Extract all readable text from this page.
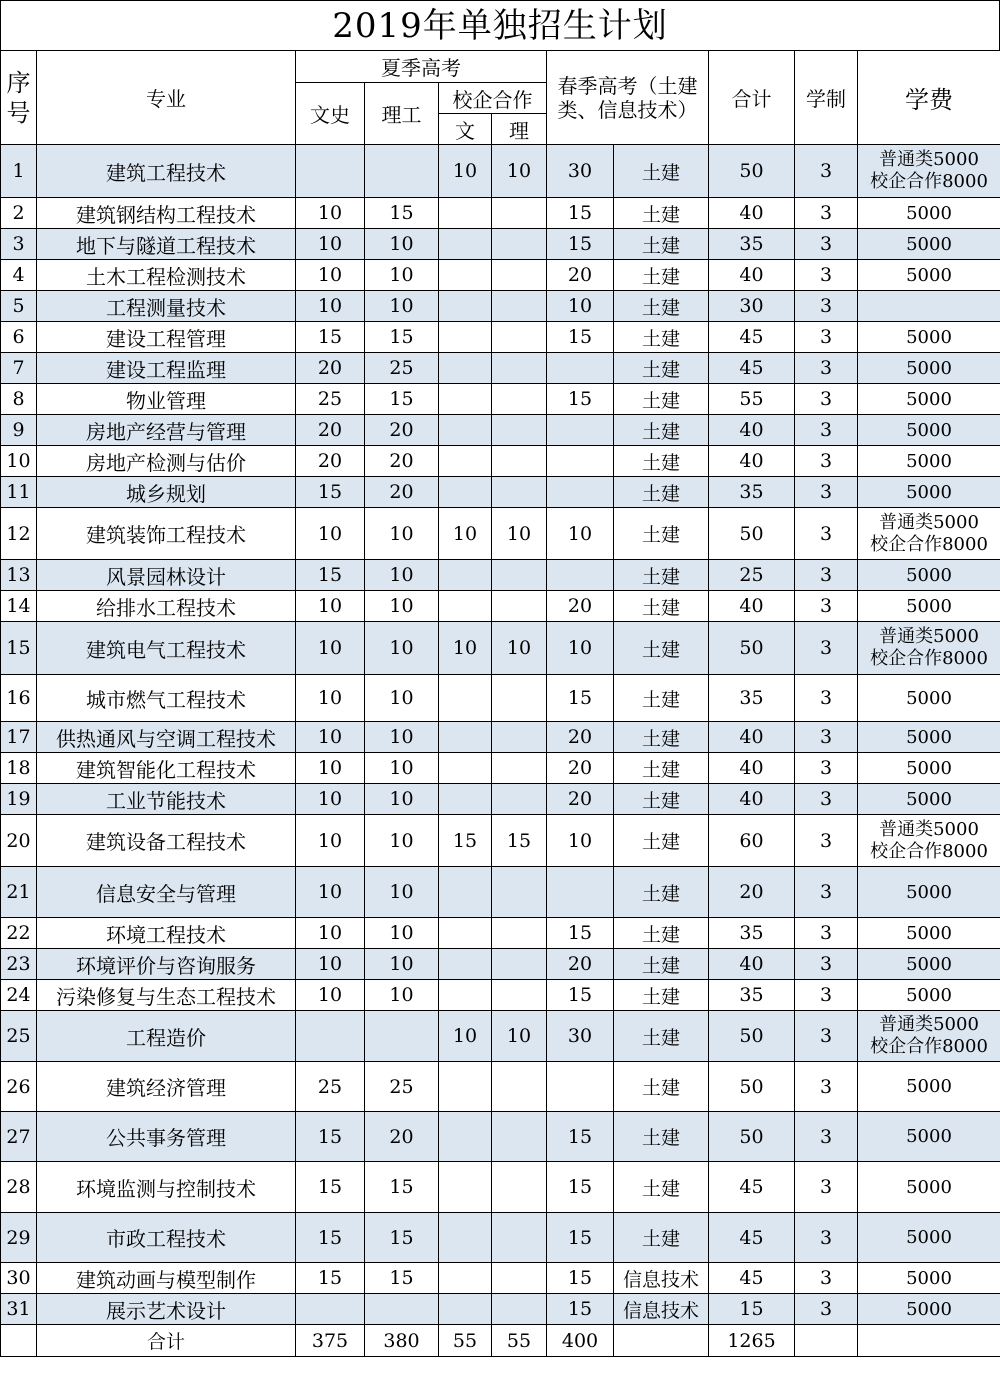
2019年单独招生计划
序号	专业	夏季高考				春季高考（土建类、信息技术）		合计	学制	学费
		文史	理工	校企合作						
				文	理					
1	建筑工程技术			10	10	30	土建	50	3	普通类5000
校企合作8000

2	建筑钢结构工程技术	10	15			15	土建	40	3	5000
3	地下与隧道工程技术	10	10			15	土建	35	3	5000
4	土木工程检测技术	10	10			20	土建	40	3	5000
5	工程测量技术	10	10			10	土建	30	3	
6	建设工程管理	15	15			15	土建	45	3	5000
7	建设工程监理	20	25				土建	45	3	5000
8	物业管理	25	15			15	土建	55	3	5000
9	房地产经营与管理	20	20				土建	40	3	5000
10	房地产检测与估价	20	20				土建	40	3	5000
11	城乡规划	15	20				土建	35	3	5000
12	建筑装饰工程技术	10	10	10	10	10	土建	50	3	普通类5000
校企合作8000

13	风景园林设计	15	10				土建	25	3	5000
14	给排水工程技术	10	10			20	土建	40	3	5000
15	建筑电气工程技术	10	10	10	10	10	土建	50	3	普通类5000
校企合作8000

16	城市燃气工程技术	10	10			15	土建	35	3	5000
17	供热通风与空调工程技术	10	10			20	土建	40	3	5000
18	建筑智能化工程技术	10	10			20	土建	40	3	5000
19	工业节能技术	10	10			20	土建	40	3	5000
20	建筑设备工程技术	10	10	15	15	10	土建	60	3	普通类5000
校企合作8000

21	信息安全与管理	10	10				土建	20	3	5000
22	环境工程技术	10	10			15	土建	35	3	5000
23	环境评价与咨询服务	10	10			20	土建	40	3	5000
24	污染修复与生态工程技术	10	10			15	土建	35	3	5000
25	工程造价			10	10	30	土建	50	3	普通类5000
校企合作8000

26	建筑经济管理	25	25				土建	50	3	5000
27	公共事务管理	15	20			15	土建	50	3	5000
28	环境监测与控制技术	15	15			15	土建	45	3	5000
29	市政工程技术	15	15			15	土建	45	3	5000
30	建筑动画与模型制作	15	15			15	信息技术	45	3	5000
31	展示艺术设计					15	信息技术	15	3	5000
	合计	375	380	55	55	400		1265		
